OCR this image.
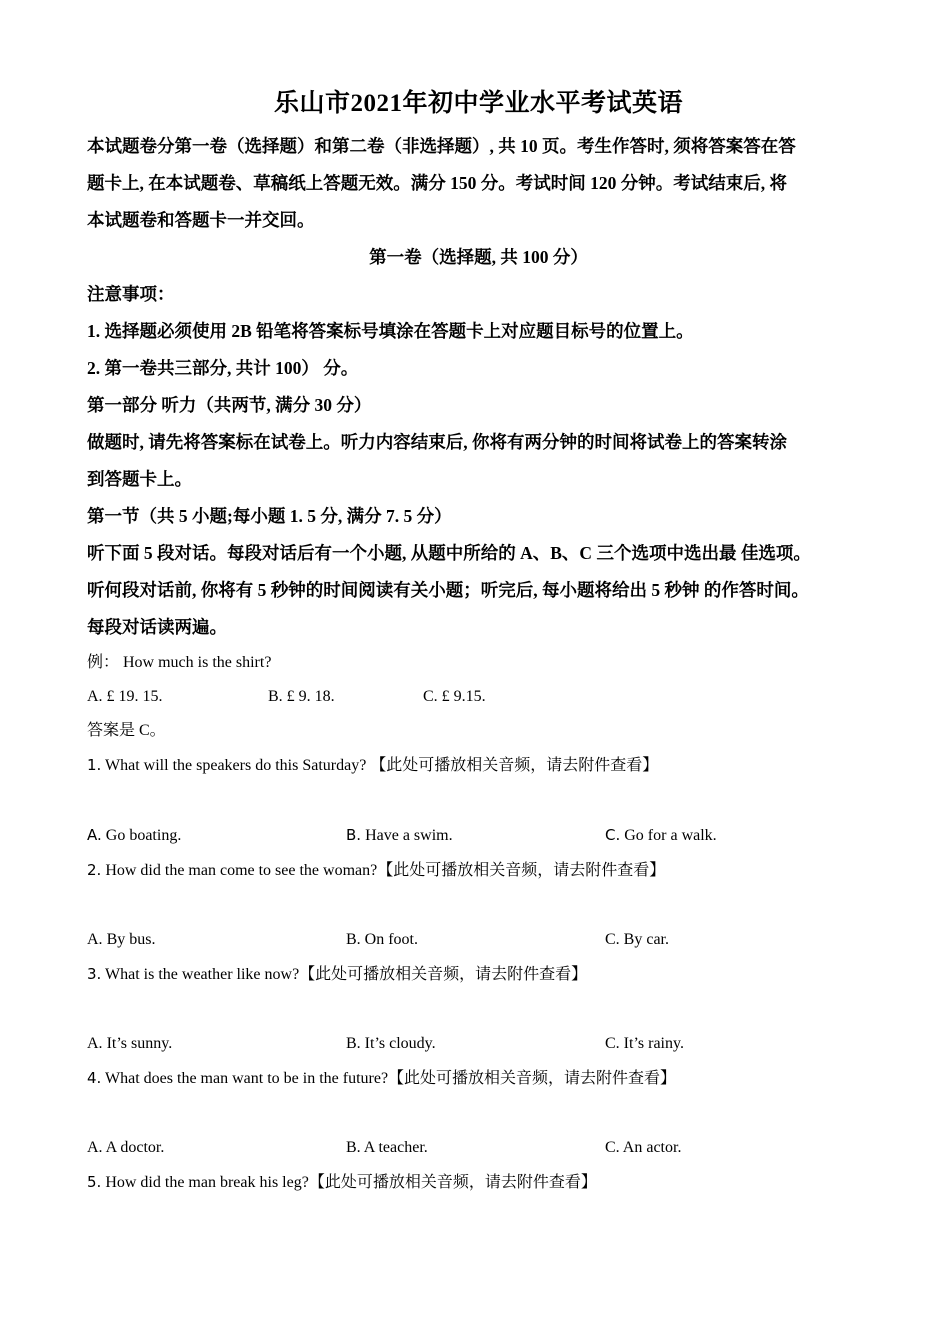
乐山市2021年初中学业水平考试英语
本试题卷分第一卷（选择题）和第二卷（非选择题）, 共 10 页。考生作答时, 须将答案答在答
题卡上, 在本试题卷、草稿纸上答题无效。满分 150 分。考试时间 120 分钟。考试结束后, 将
本试题卷和答题卡一并交回。
第一卷（选择题, 共 100 分）
注意事项：
1. 选择题必须使用 2B 铅笔将答案标号填涂在答题卡上对应题目标号的位置上。
2. 第一卷共三部分, 共计 100） 分。
第一部分 听力（共两节, 满分 30 分）
做题时, 请先将答案标在试卷上。听力内容结束后, 你将有两分钟的时间将试卷上的答案转涂
到答题卡上。
第一节（共 5 小题;每小题 1. 5 分, 满分 7. 5 分）
听下面 5 段对话。每段对话后有一个小题, 从题中所给的 A、B、C 三个选项中选出最 佳选项。
听何段对话前, 你将有 5 秒钟的时间阅读有关小题；听完后, 每小题将给出 5 秒钟 的作答时间。
每段对话读两遍。
例： How much is the shirt?
A. £ 19. 15.	B. £ 9. 18.	C. £ 9.15.
答案是 C。
1. What will the speakers do this Saturday? 【此处可播放相关音频，请去附件查看】
A. Go boating.	B. Have a swim.	C. Go for a walk.
2. How did the man come to see the woman?【此处可播放相关音频，请去附件查看】
A. By bus.	B. On foot.	C. By car.
3. What is the weather like now?【此处可播放相关音频，请去附件查看】
A. It’s sunny.	B. It’s cloudy.	C. It’s rainy.
4. What does the man want to be in the future?【此处可播放相关音频，请去附件查看】
A. A doctor.	B. A teacher.	C. An actor.
5. How did the man break his leg?【此处可播放相关音频，请去附件查看】
